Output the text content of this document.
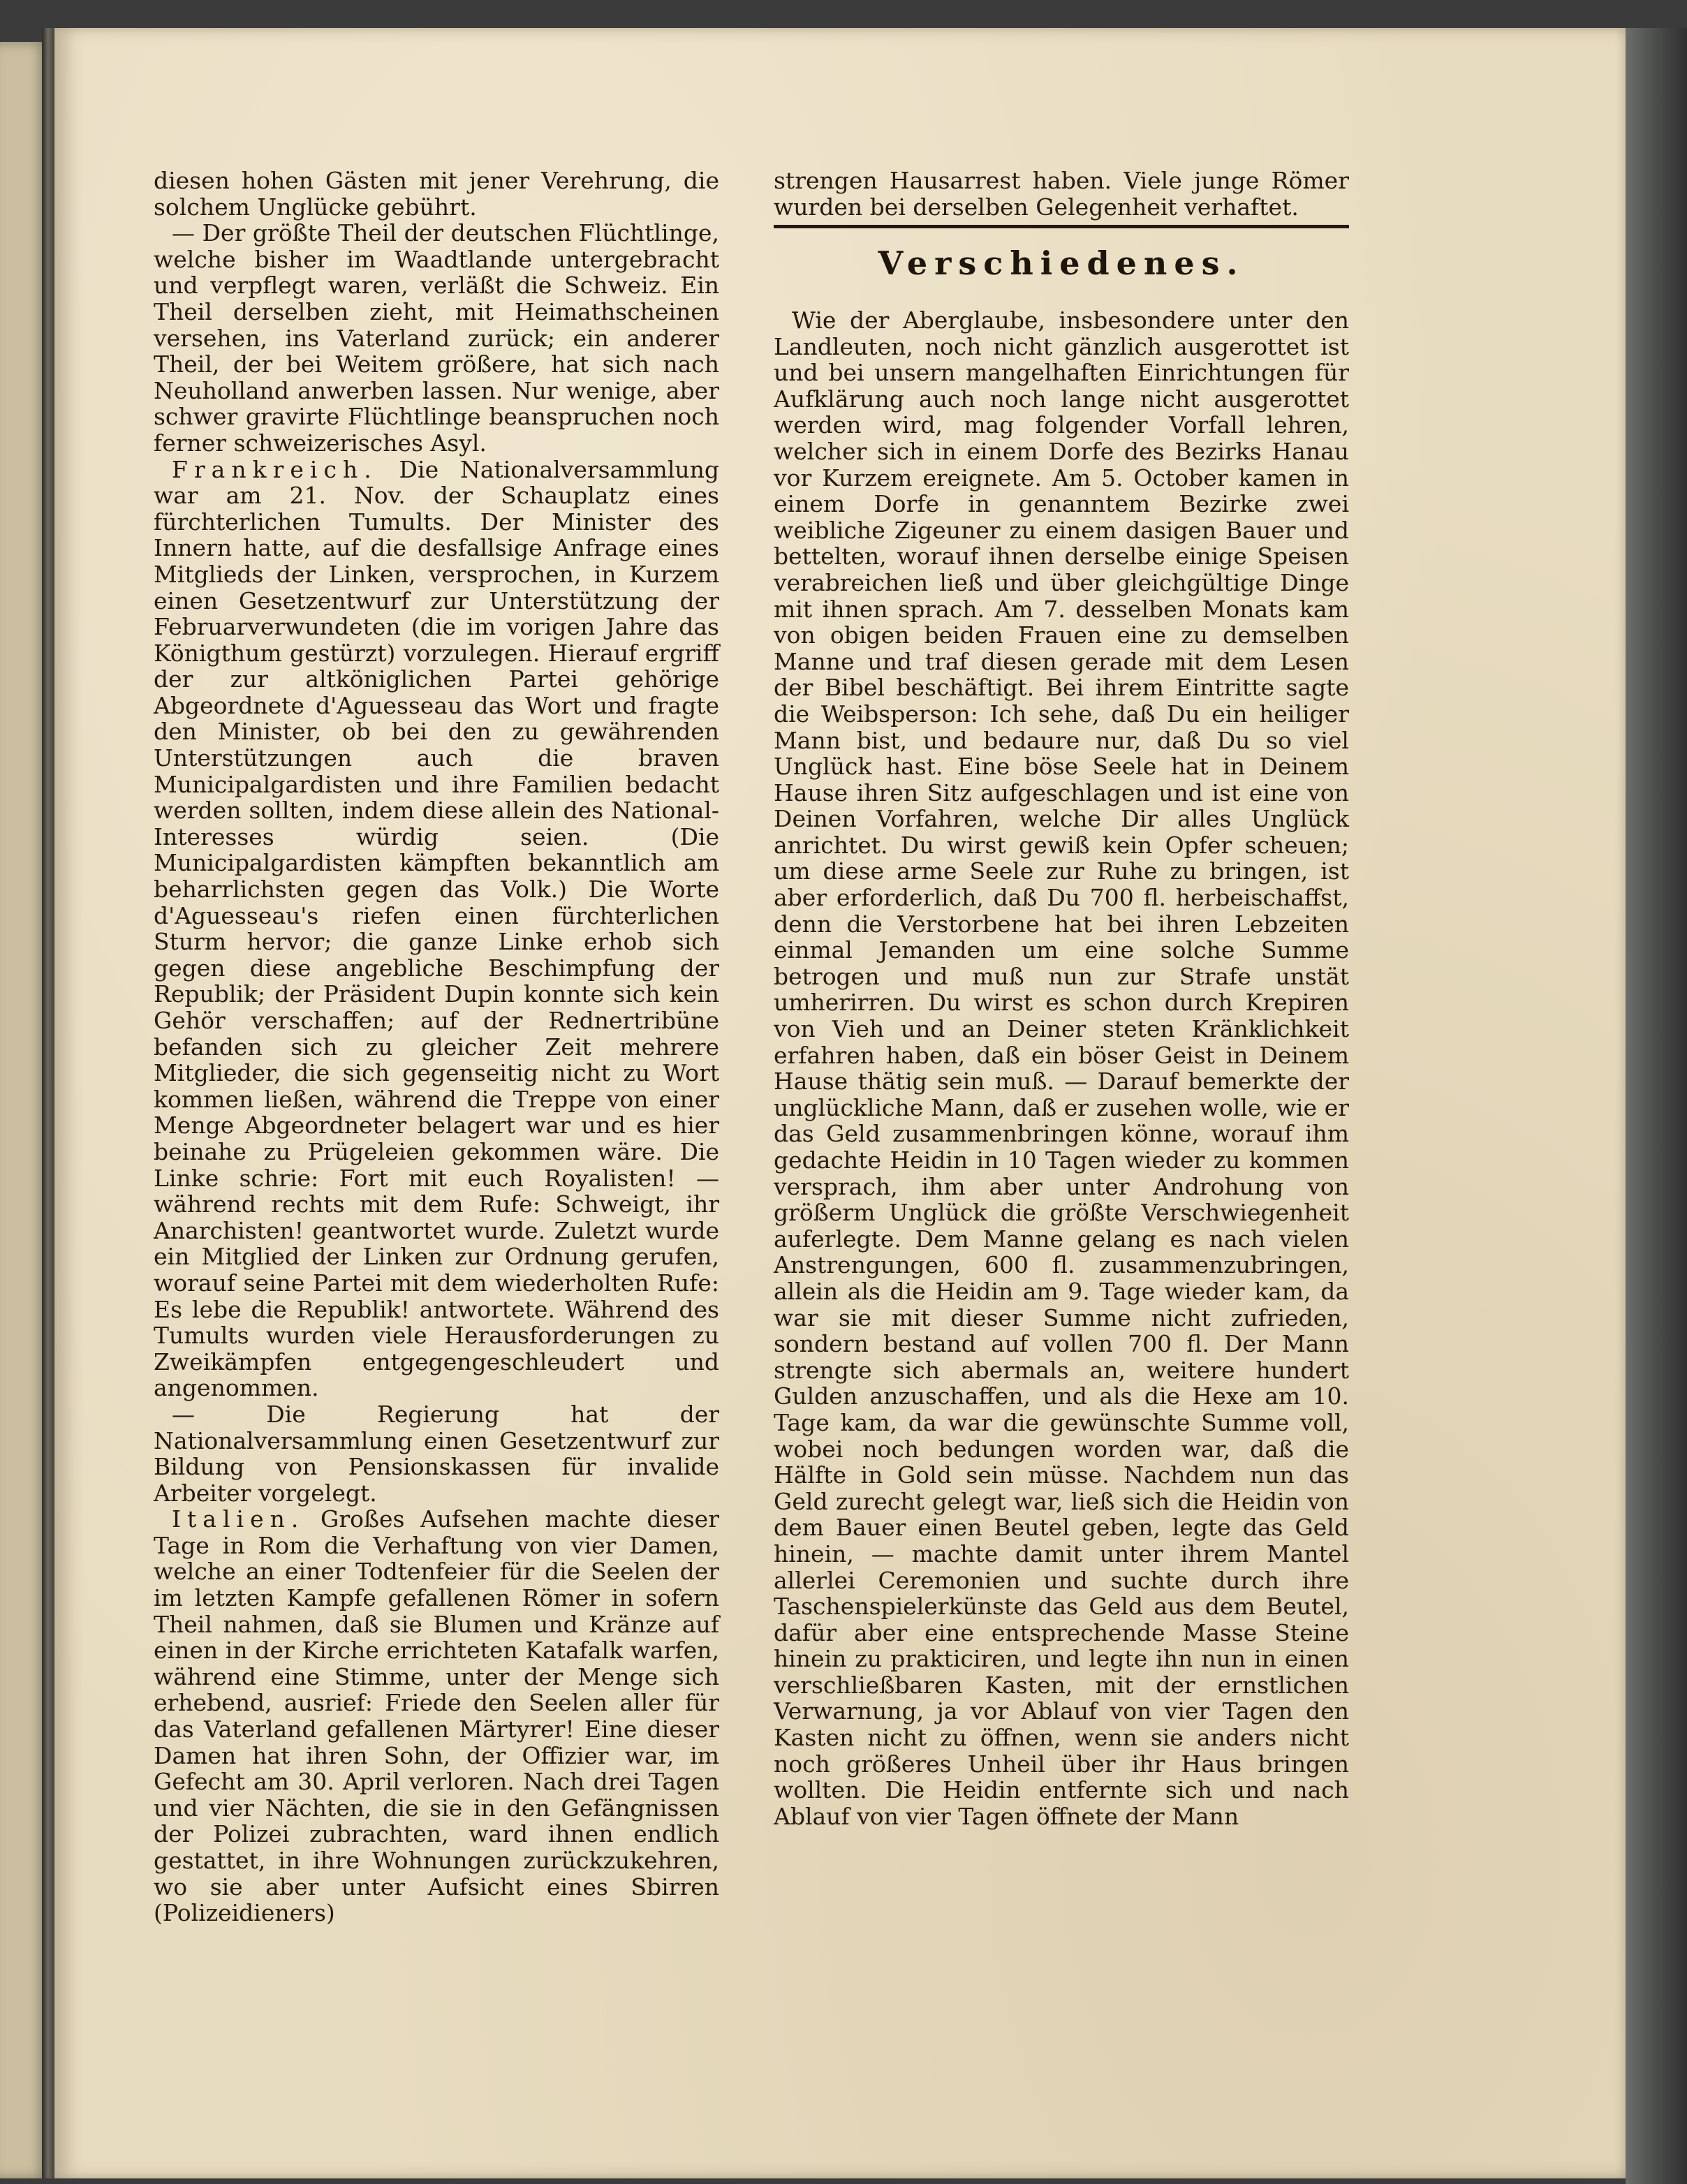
diesen hohen Gästen mit jener Verehrung, die solchem Unglücke gebührt.

— Der größte Theil der deutschen Flüchtlinge, welche bisher im Waadtlande untergebracht und verpflegt waren, verläßt die Schweiz. Ein Theil derselben zieht, mit Heimathscheinen versehen, ins Vaterland zurück; ein anderer Theil, der bei Weitem größere, hat sich nach Neuholland anwerben lassen. Nur wenige, aber schwer gravirte Flüchtlinge beanspruchen noch ferner schweizerisches Asyl.

Frankreich. Die Nationalversammlung war am 21. Nov. der Schauplatz eines fürchterlichen Tumults. Der Minister des Innern hatte, auf die desfallsige Anfrage eines Mitglieds der Linken, versprochen, in Kurzem einen Gesetzentwurf zur Unterstützung der Februarverwundeten (die im vorigen Jahre das Königthum gestürzt) vorzulegen. Hierauf ergriff der zur altköniglichen Partei gehörige Abgeordnete d'Aguesseau das Wort und fragte den Minister, ob bei den zu gewährenden Unterstützungen auch die braven Municipalgardisten und ihre Familien bedacht werden sollten, indem diese allein des National-Interesses würdig seien. (Die Municipalgardisten kämpften bekanntlich am beharrlichsten gegen das Volk.) Die Worte d'Aguesseau's riefen einen fürchterlichen Sturm hervor; die ganze Linke erhob sich gegen diese angebliche Beschimpfung der Republik; der Präsident Dupin konnte sich kein Gehör verschaffen; auf der Rednertribüne befanden sich zu gleicher Zeit mehrere Mitglieder, die sich gegenseitig nicht zu Wort kommen ließen, während die Treppe von einer Menge Abgeordneter belagert war und es hier beinahe zu Prügeleien gekommen wäre. Die Linke schrie: Fort mit euch Royalisten! — während rechts mit dem Rufe: Schweigt, ihr Anarchisten! geantwortet wurde. Zuletzt wurde ein Mitglied der Linken zur Ordnung gerufen, worauf seine Partei mit dem wiederholten Rufe: Es lebe die Republik! antwortete. Während des Tumults wurden viele Herausforderungen zu Zweikämpfen entgegengeschleudert und angenommen.

— Die Regierung hat der Nationalversammlung einen Gesetzentwurf zur Bildung von Pensionskassen für invalide Arbeiter vorgelegt.

Italien. Großes Aufsehen machte dieser Tage in Rom die Verhaftung von vier Damen, welche an einer Todtenfeier für die Seelen der im letzten Kampfe gefallenen Römer in sofern Theil nahmen, daß sie Blumen und Kränze auf einen in der Kirche errichteten Katafalk warfen, während eine Stimme, unter der Menge sich erhebend, ausrief: Friede den Seelen aller für das Vaterland gefallenen Märtyrer! Eine dieser Damen hat ihren Sohn, der Offizier war, im Gefecht am 30. April verloren. Nach drei Tagen und vier Nächten, die sie in den Gefängnissen der Polizei zubrachten, ward ihnen endlich gestattet, in ihre Wohnungen zurückzukehren, wo sie aber unter Aufsicht eines Sbirren (Polizeidieners)

strengen Hausarrest haben. Viele junge Römer wurden bei derselben Gelegenheit verhaftet.

Verschiedenes.

Wie der Aberglaube, insbesondere unter den Landleuten, noch nicht gänzlich ausgerottet ist und bei unsern mangelhaften Einrichtungen für Aufklärung auch noch lange nicht ausgerottet werden wird, mag folgender Vorfall lehren, welcher sich in einem Dorfe des Bezirks Hanau vor Kurzem ereignete. Am 5. October kamen in einem Dorfe in genanntem Bezirke zwei weibliche Zigeuner zu einem dasigen Bauer und bettelten, worauf ihnen derselbe einige Speisen verabreichen ließ und über gleichgültige Dinge mit ihnen sprach. Am 7. desselben Monats kam von obigen beiden Frauen eine zu demselben Manne und traf diesen gerade mit dem Lesen der Bibel beschäftigt. Bei ihrem Eintritte sagte die Weibsperson: Ich sehe, daß Du ein heiliger Mann bist, und bedaure nur, daß Du so viel Unglück hast. Eine böse Seele hat in Deinem Hause ihren Sitz aufgeschlagen und ist eine von Deinen Vorfahren, welche Dir alles Unglück anrichtet. Du wirst gewiß kein Opfer scheuen; um diese arme Seele zur Ruhe zu bringen, ist aber erforderlich, daß Du 700 fl. herbeischaffst, denn die Verstorbene hat bei ihren Lebzeiten einmal Jemanden um eine solche Summe betrogen und muß nun zur Strafe unstät umherirren. Du wirst es schon durch Krepiren von Vieh und an Deiner steten Kränklichkeit erfahren haben, daß ein böser Geist in Deinem Hause thätig sein muß. — Darauf bemerkte der unglückliche Mann, daß er zusehen wolle, wie er das Geld zusammenbringen könne, worauf ihm gedachte Heidin in 10 Tagen wieder zu kommen versprach, ihm aber unter Androhung von größerm Unglück die größte Verschwiegenheit auferlegte. Dem Manne gelang es nach vielen Anstrengungen, 600 fl. zusammenzubringen, allein als die Heidin am 9. Tage wieder kam, da war sie mit dieser Summe nicht zufrieden, sondern bestand auf vollen 700 fl. Der Mann strengte sich abermals an, weitere hundert Gulden anzuschaffen, und als die Hexe am 10. Tage kam, da war die gewünschte Summe voll, wobei noch bedungen worden war, daß die Hälfte in Gold sein müsse. Nachdem nun das Geld zurecht gelegt war, ließ sich die Heidin von dem Bauer einen Beutel geben, legte das Geld hinein, — machte damit unter ihrem Mantel allerlei Ceremonien und suchte durch ihre Taschenspielerkünste das Geld aus dem Beutel, dafür aber eine entsprechende Masse Steine hinein zu prakticiren, und legte ihn nun in einen verschließbaren Kasten, mit der ernstlichen Verwarnung, ja vor Ablauf von vier Tagen den Kasten nicht zu öffnen, wenn sie anders nicht noch größeres Unheil über ihr Haus bringen wollten. Die Heidin entfernte sich und nach Ablauf von vier Tagen öffnete der Mann
